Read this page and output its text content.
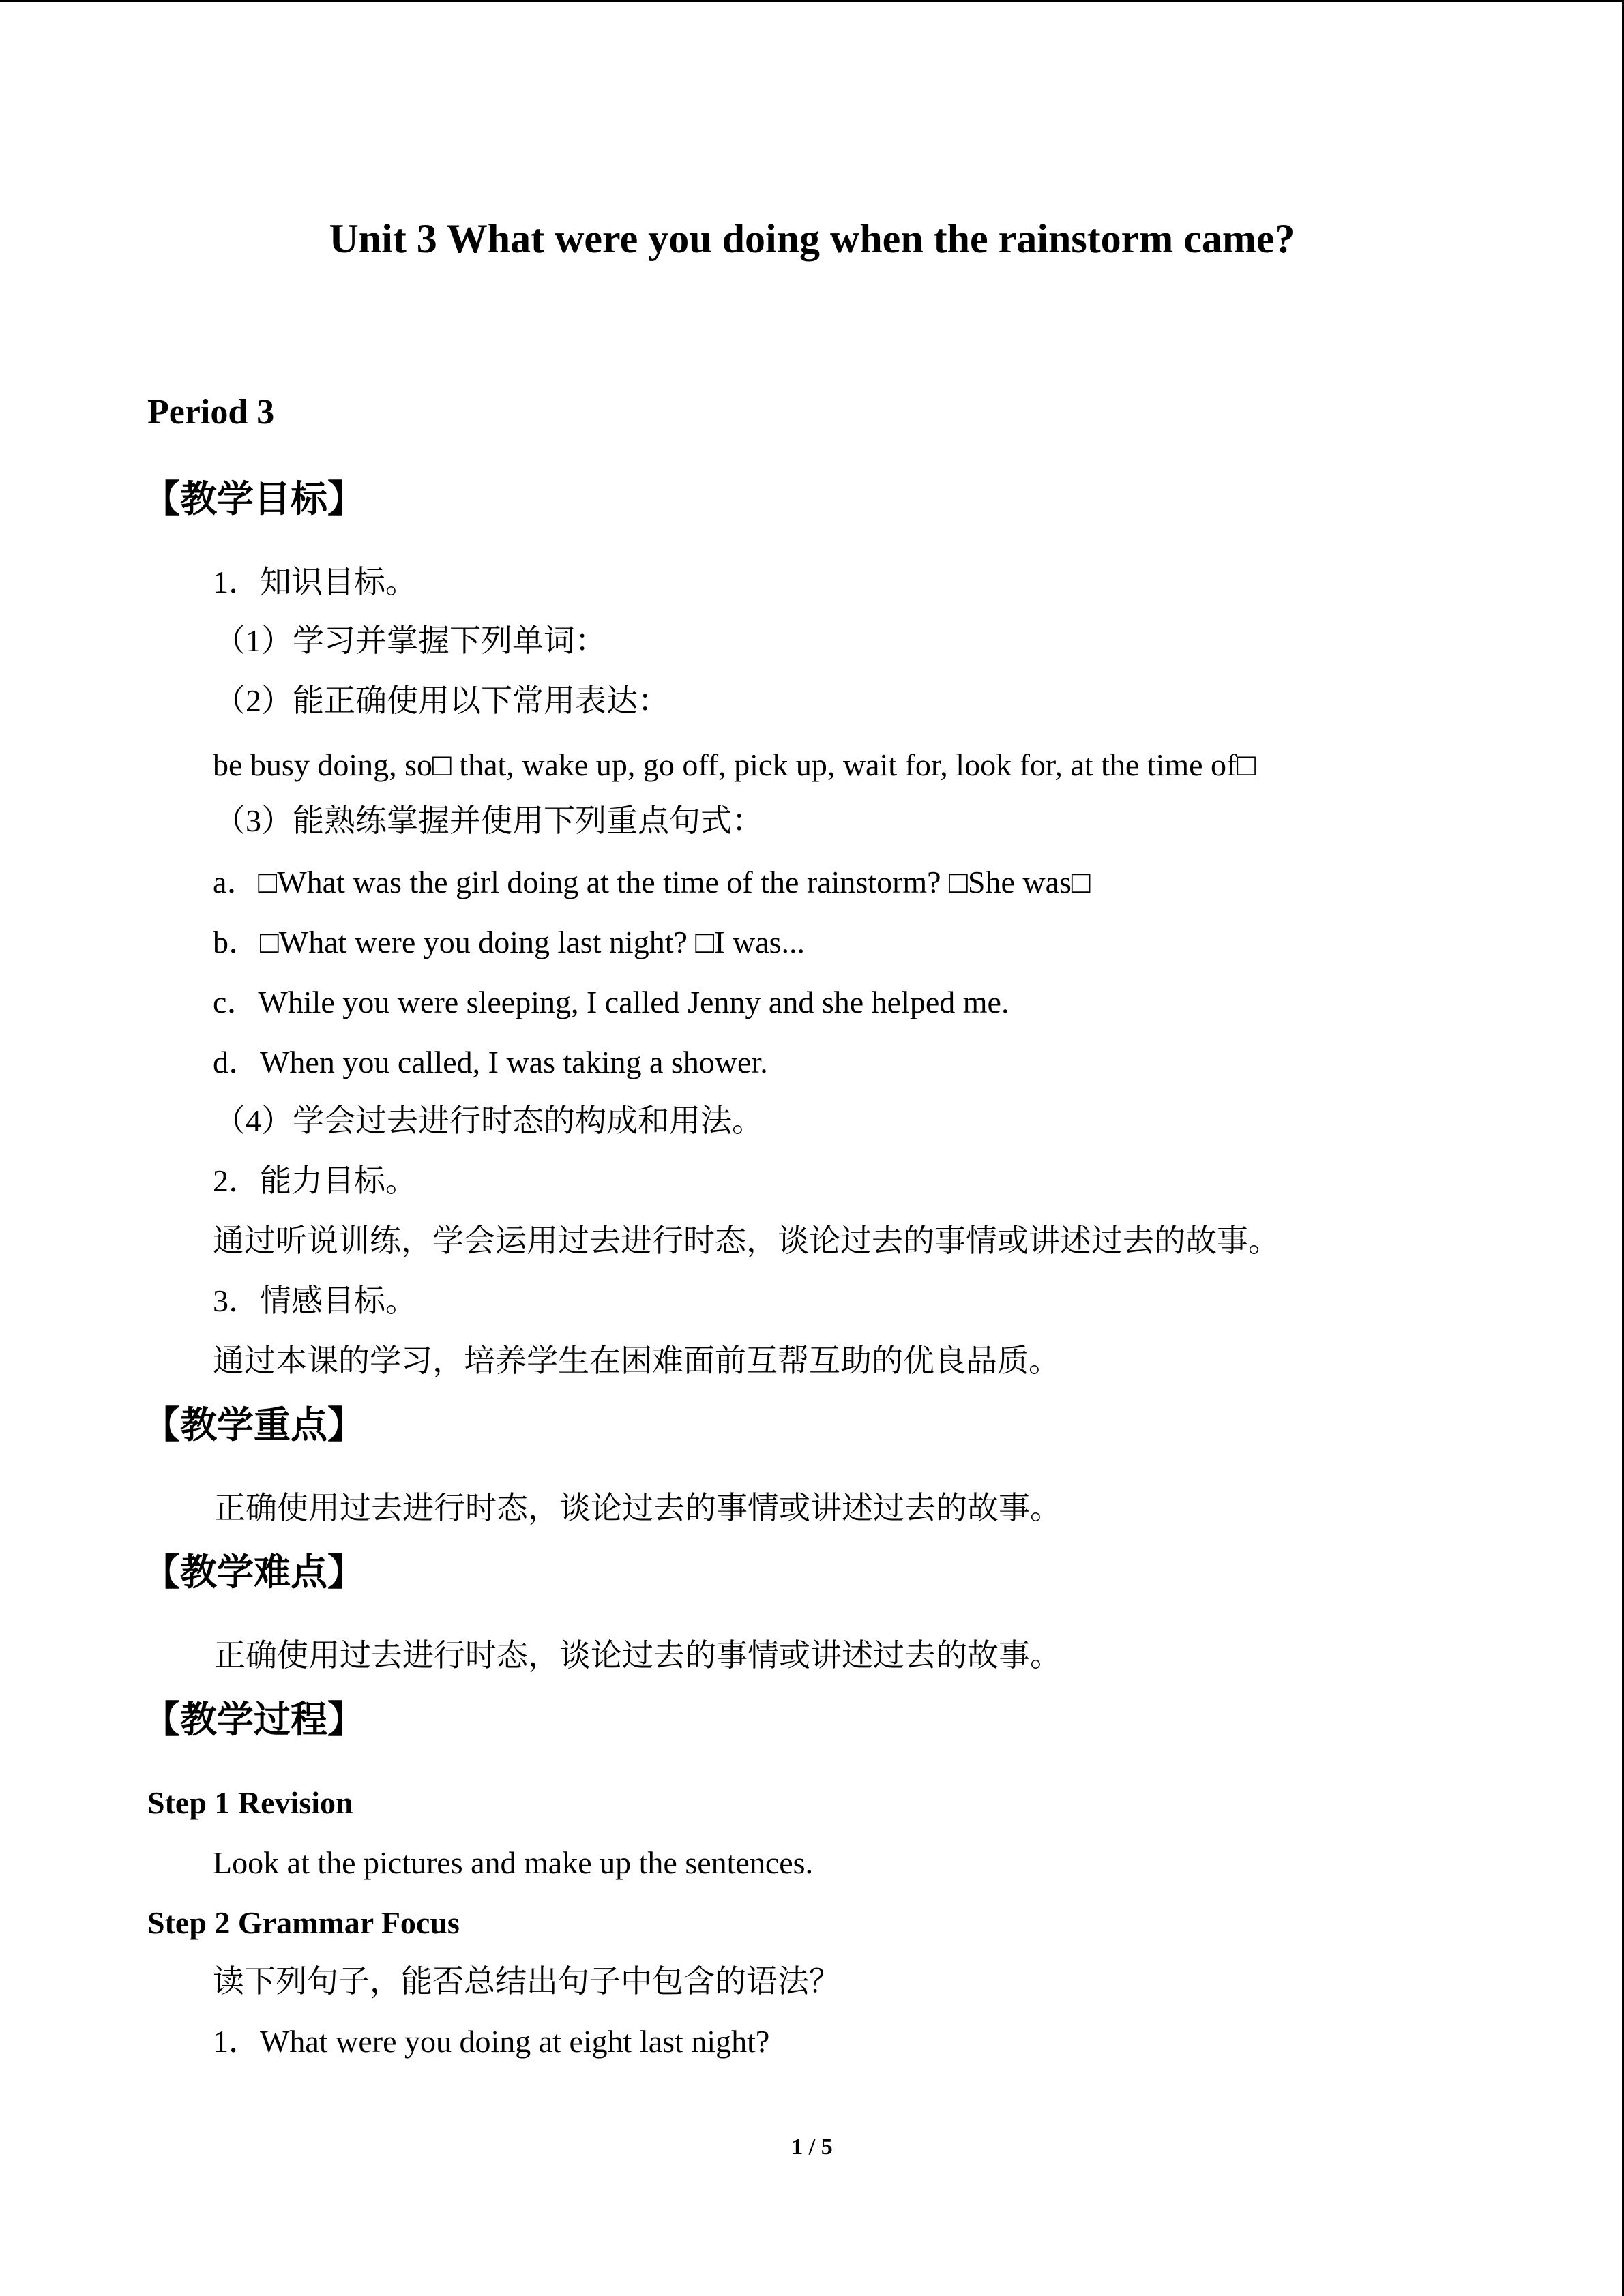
Unit 3 What were you doing when the rainstorm came?
Period 3
【教学目标】
1．知识目标。
（1）学习并掌握下列单词：
（2）能正确使用以下常用表达：
be busy doing, so□ that, wake up, go off, pick up, wait for, look for, at the time of□
（3）能熟练掌握并使用下列重点句式：
a．□What was the girl doing at the time of the rainstorm? □She was□
b．□What were you doing last night? □I was...
c．While you were sleeping, I called Jenny and she helped me.
d．When you called, I was taking a shower.
（4）学会过去进行时态的构成和用法。
2．能力目标。
通过听说训练，学会运用过去进行时态，谈论过去的事情或讲述过去的故事。
3．情感目标。
通过本课的学习，培养学生在困难面前互帮互助的优良品质。
【教学重点】
正确使用过去进行时态，谈论过去的事情或讲述过去的故事。
【教学难点】
正确使用过去进行时态，谈论过去的事情或讲述过去的故事。
【教学过程】
Step 1 Revision
Look at the pictures and make up the sentences.
Step 2 Grammar Focus
读下列句子，能否总结出句子中包含的语法？
1．What were you doing at eight last night?
1 / 5
